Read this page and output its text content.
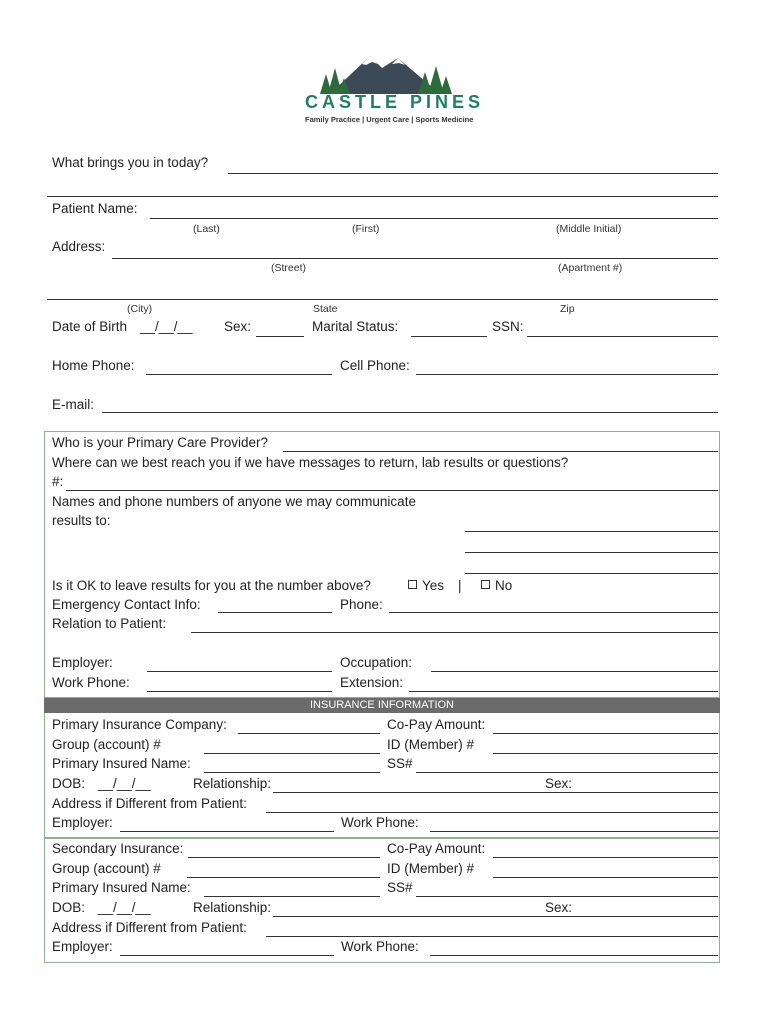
CASTLE PINES
Family Practice | Urgent Care | Sports Medicine
What brings you in today?
Patient Name:
(Last)	(First)	(Middle Initial)
Address:
(Street)	(Apartment #)
(City)	State	Zip
Date of Birth __/__/__ Sex:	Marital Status:	SSN:
Home Phone:	Cell Phone:
E-mail:
Who is your Primary Care Provider?
Where can we best reach you if we have messages to return, lab results or questions?
#:
Names and phone numbers of anyone we may communicate
results to:
Is it OK to leave results for you at the number above?	Yes |	No
Emergency Contact Info:	Phone:
Relation to Patient:
Employer:	Occupation:
Work Phone:	Extension:
INSURANCE INFORMATION
Primary Insurance Company:	Co-Pay Amount:
Group (account) #	ID (Member) #
Primary Insured Name:	SS#
DOB: __/__/__	Relationship:	Sex:
Address if Different from Patient:
Employer:	Work Phone:
Secondary Insurance:	Co-Pay Amount:
Group (account) #	ID (Member) #
Primary Insured Name:	SS#
DOB: __/__/__	Relationship:	Sex:
Address if Different from Patient:
Employer:	Work Phone:
